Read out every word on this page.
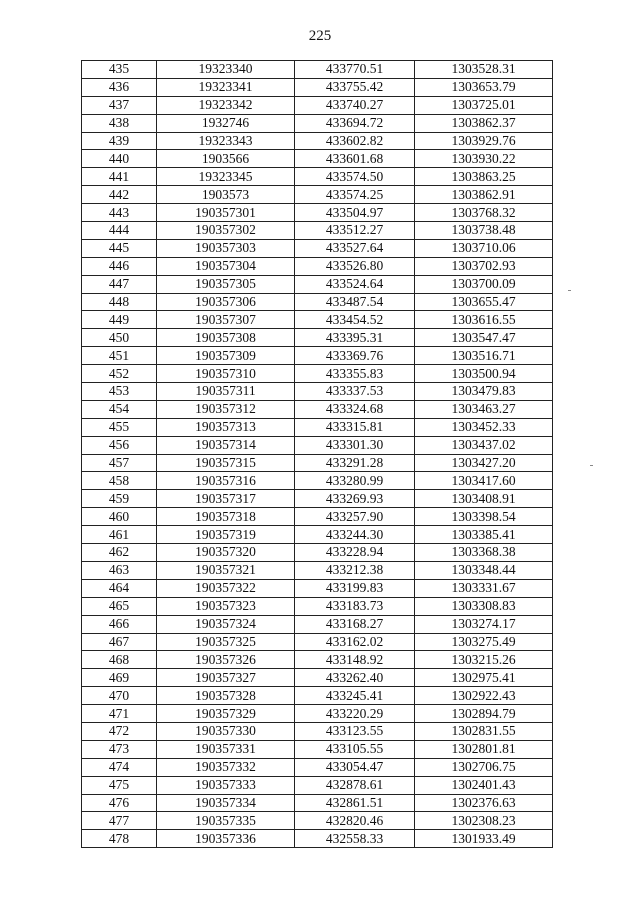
225
435	19323340	433770.51	1303528.31
436	19323341	433755.42	1303653.79
437	19323342	433740.27	1303725.01
438	1932746	433694.72	1303862.37
439	19323343	433602.82	1303929.76
440	1903566	433601.68	1303930.22
441	19323345	433574.50	1303863.25
442	1903573	433574.25	1303862.91
443	190357301	433504.97	1303768.32
444	190357302	433512.27	1303738.48
445	190357303	433527.64	1303710.06
446	190357304	433526.80	1303702.93
447	190357305	433524.64	1303700.09
448	190357306	433487.54	1303655.47
449	190357307	433454.52	1303616.55
450	190357308	433395.31	1303547.47
451	190357309	433369.76	1303516.71
452	190357310	433355.83	1303500.94
453	190357311	433337.53	1303479.83
454	190357312	433324.68	1303463.27
455	190357313	433315.81	1303452.33
456	190357314	433301.30	1303437.02
457	190357315	433291.28	1303427.20
458	190357316	433280.99	1303417.60
459	190357317	433269.93	1303408.91
460	190357318	433257.90	1303398.54
461	190357319	433244.30	1303385.41
462	190357320	433228.94	1303368.38
463	190357321	433212.38	1303348.44
464	190357322	433199.83	1303331.67
465	190357323	433183.73	1303308.83
466	190357324	433168.27	1303274.17
467	190357325	433162.02	1303275.49
468	190357326	433148.92	1303215.26
469	190357327	433262.40	1302975.41
470	190357328	433245.41	1302922.43
471	190357329	433220.29	1302894.79
472	190357330	433123.55	1302831.55
473	190357331	433105.55	1302801.81
474	190357332	433054.47	1302706.75
475	190357333	432878.61	1302401.43
476	190357334	432861.51	1302376.63
477	190357335	432820.46	1302308.23
478	190357336	432558.33	1301933.49
